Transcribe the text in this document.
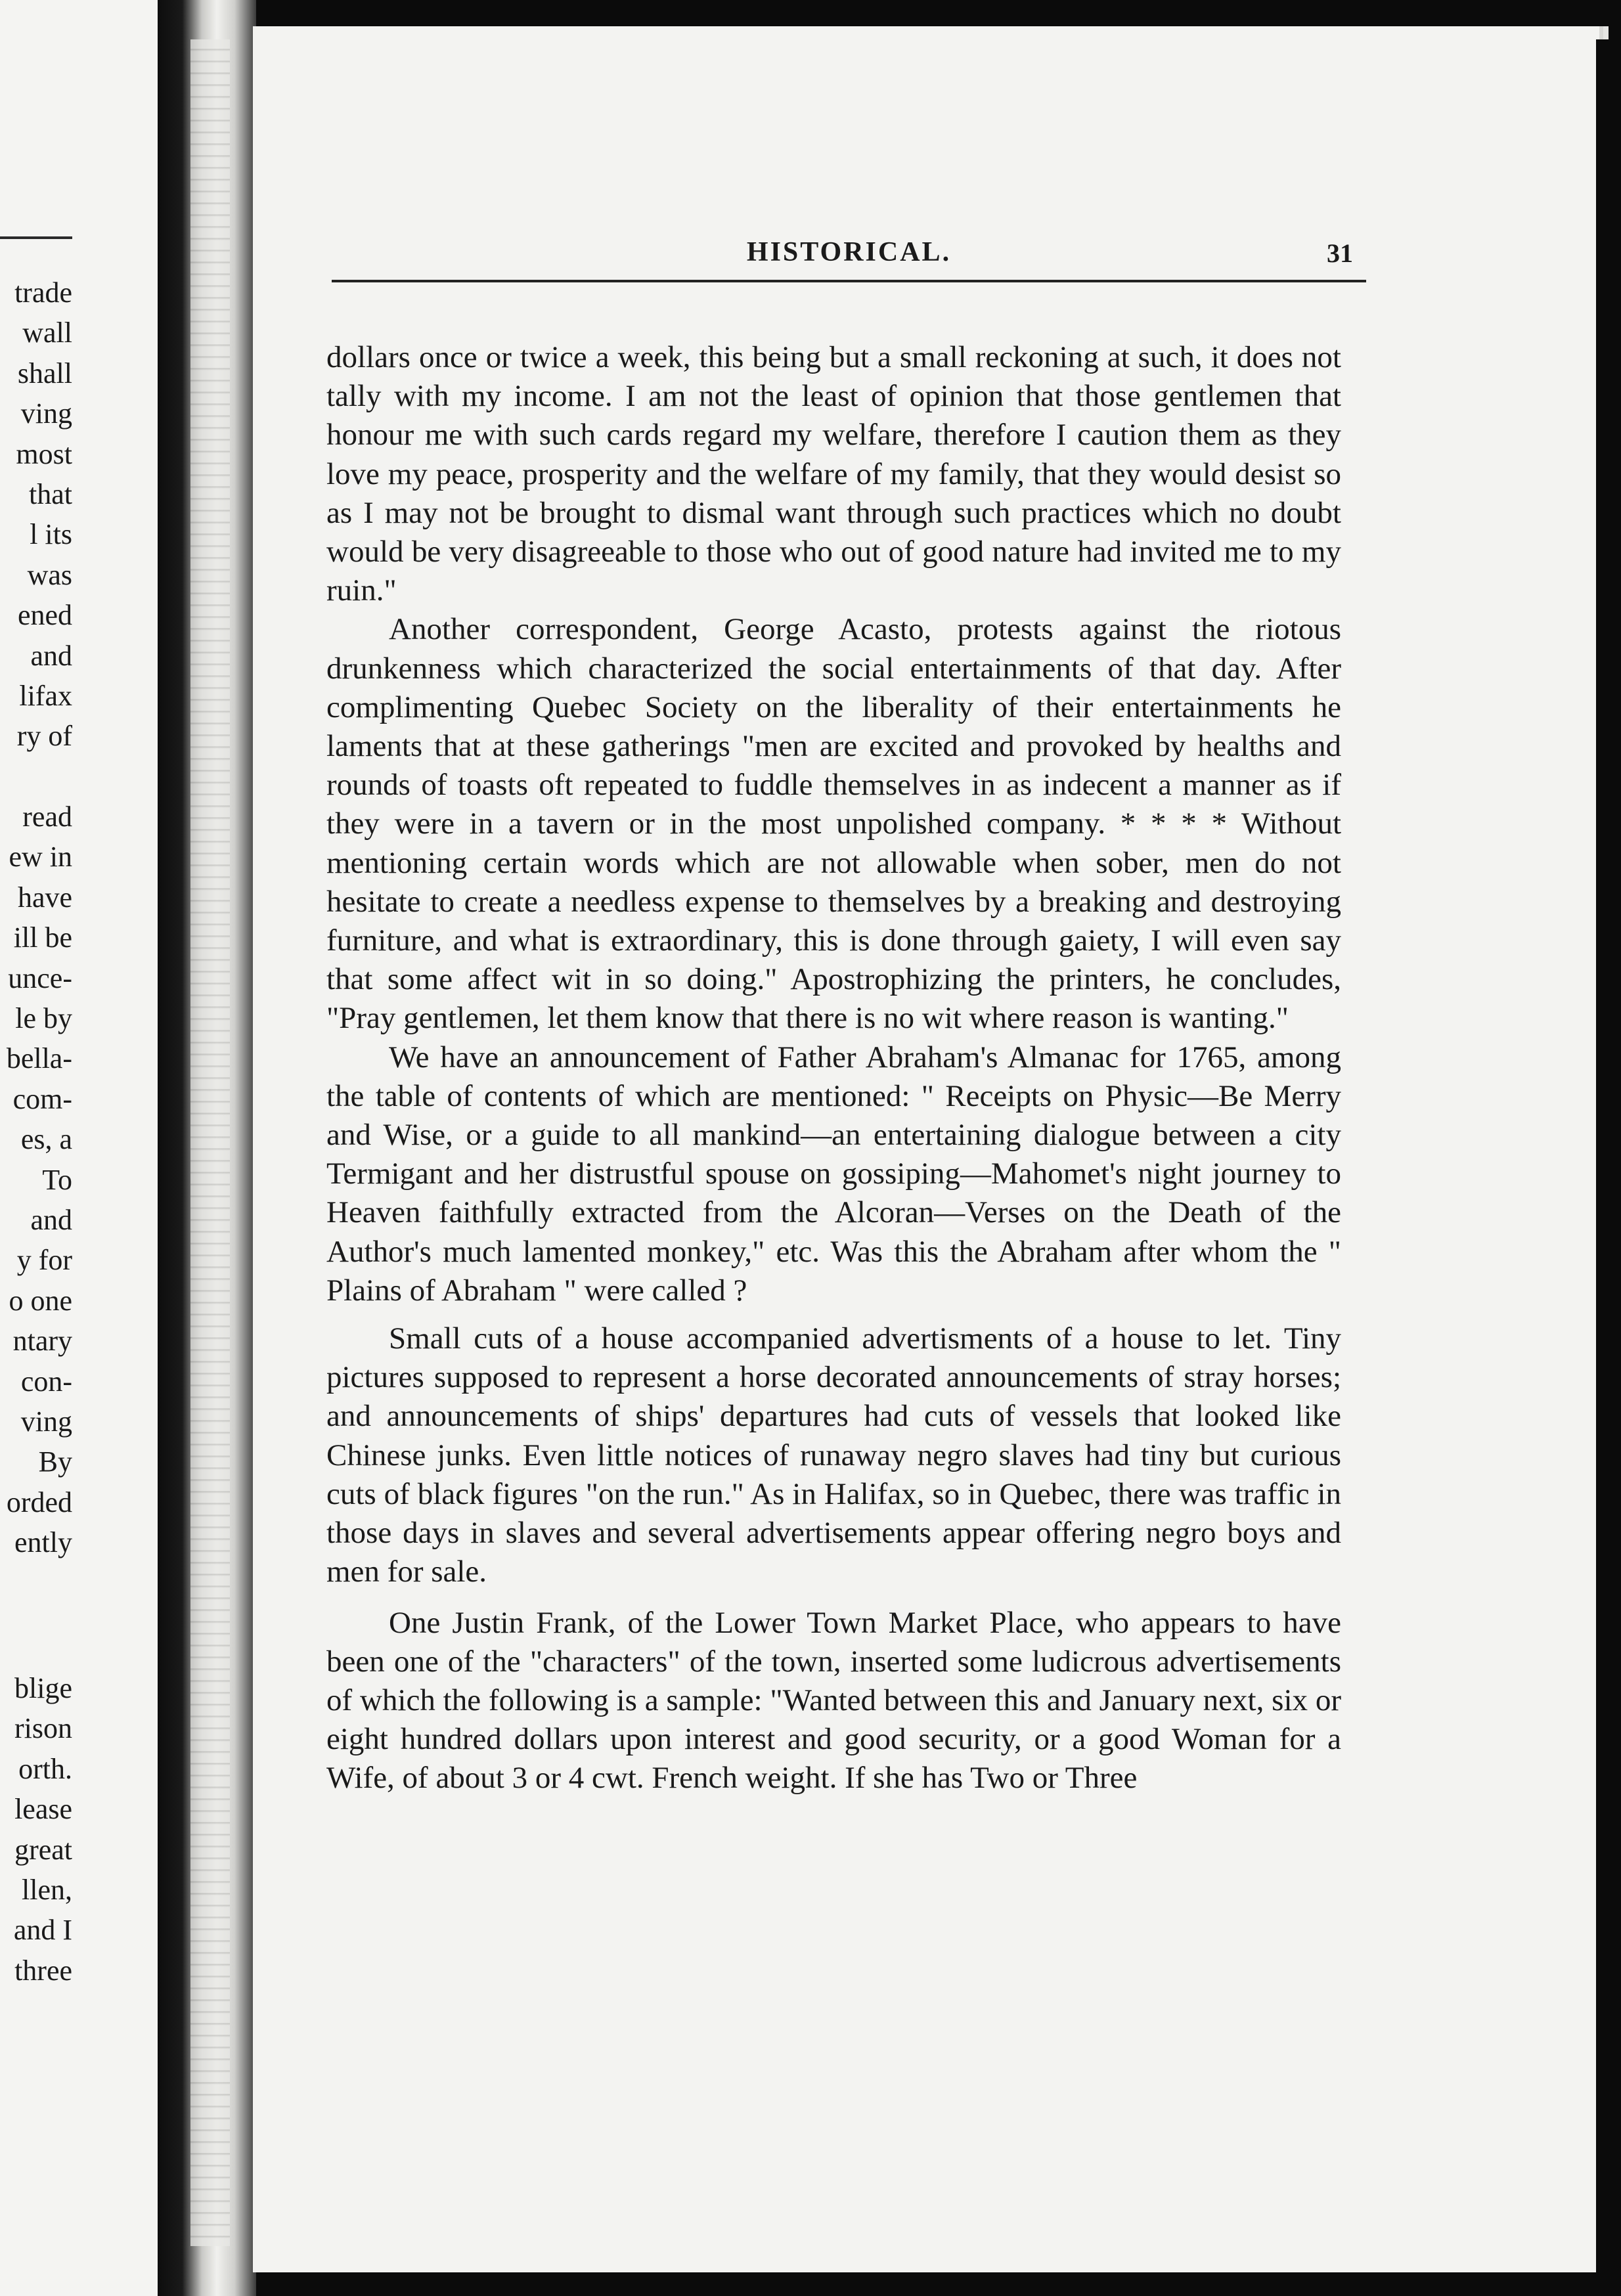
trade
wall
shall
ving
most
that
l its
was
ened
and
lifax
ry of
read
ew in
have
ill be
unce-
le by
bella-
com-
es, a
To
and
y for
o one
ntary
con-
ving
By
orded
ently
blige
rison
orth.
lease
great
llen,
and I
three
HISTORICAL.	31

dollars once or twice a week, this being but a small reckoning at such, it does not tally with my income. I am not the least of opinion that those gentlemen that honour me with such cards regard my welfare, therefore I caution them as they love my peace, prosperity and the welfare of my family, that they would desist so as I may not be brought to dismal want through such practices which no doubt would be very disagreeable to those who out of good nature had invited me to my ruin."

Another correspondent, George Acasto, protests against the riotous drunkenness which characterized the social entertainments of that day. After complimenting Quebec Society on the liberality of their entertainments he laments that at these gatherings "men are excited and provoked by healths and rounds of toasts oft repeated to fuddle themselves in as indecent a manner as if they were in a tavern or in the most unpolished company. * * * * Without mentioning certain words which are not allowable when sober, men do not hesitate to create a needless expense to themselves by a breaking and destroying furniture, and what is extraordinary, this is done through gaiety, I will even say that some affect wit in so doing." Apostrophizing the printers, he concludes, "Pray gentlemen, let them know that there is no wit where reason is wanting."

We have an announcement of Father Abraham's Almanac for 1765, among the table of contents of which are mentioned: " Receipts on Physic—Be Merry and Wise, or a guide to all mankind—an entertaining dialogue between a city Termigant and her distrustful spouse on gossiping—Mahomet's night journey to Heaven faithfully extracted from the Alcoran—Verses on the Death of the Author's much lamented monkey," etc. Was this the Abraham after whom the " Plains of Abraham " were called ?

Small cuts of a house accompanied advertisments of a house to let. Tiny pictures supposed to represent a horse decorated announcements of stray horses; and announcements of ships' departures had cuts of vessels that looked like Chinese junks. Even little notices of runaway negro slaves had tiny but curious cuts of black figures "on the run." As in Halifax, so in Quebec, there was traffic in those days in slaves and several advertisements appear offering negro boys and men for sale.

One Justin Frank, of the Lower Town Market Place, who appears to have been one of the "characters" of the town, inserted some ludicrous advertisements of which the following is a sample: "Wanted between this and January next, six or eight hundred dollars upon interest and good security, or a good Woman for a Wife, of about 3 or 4 cwt. French weight. If she has Two or Three
